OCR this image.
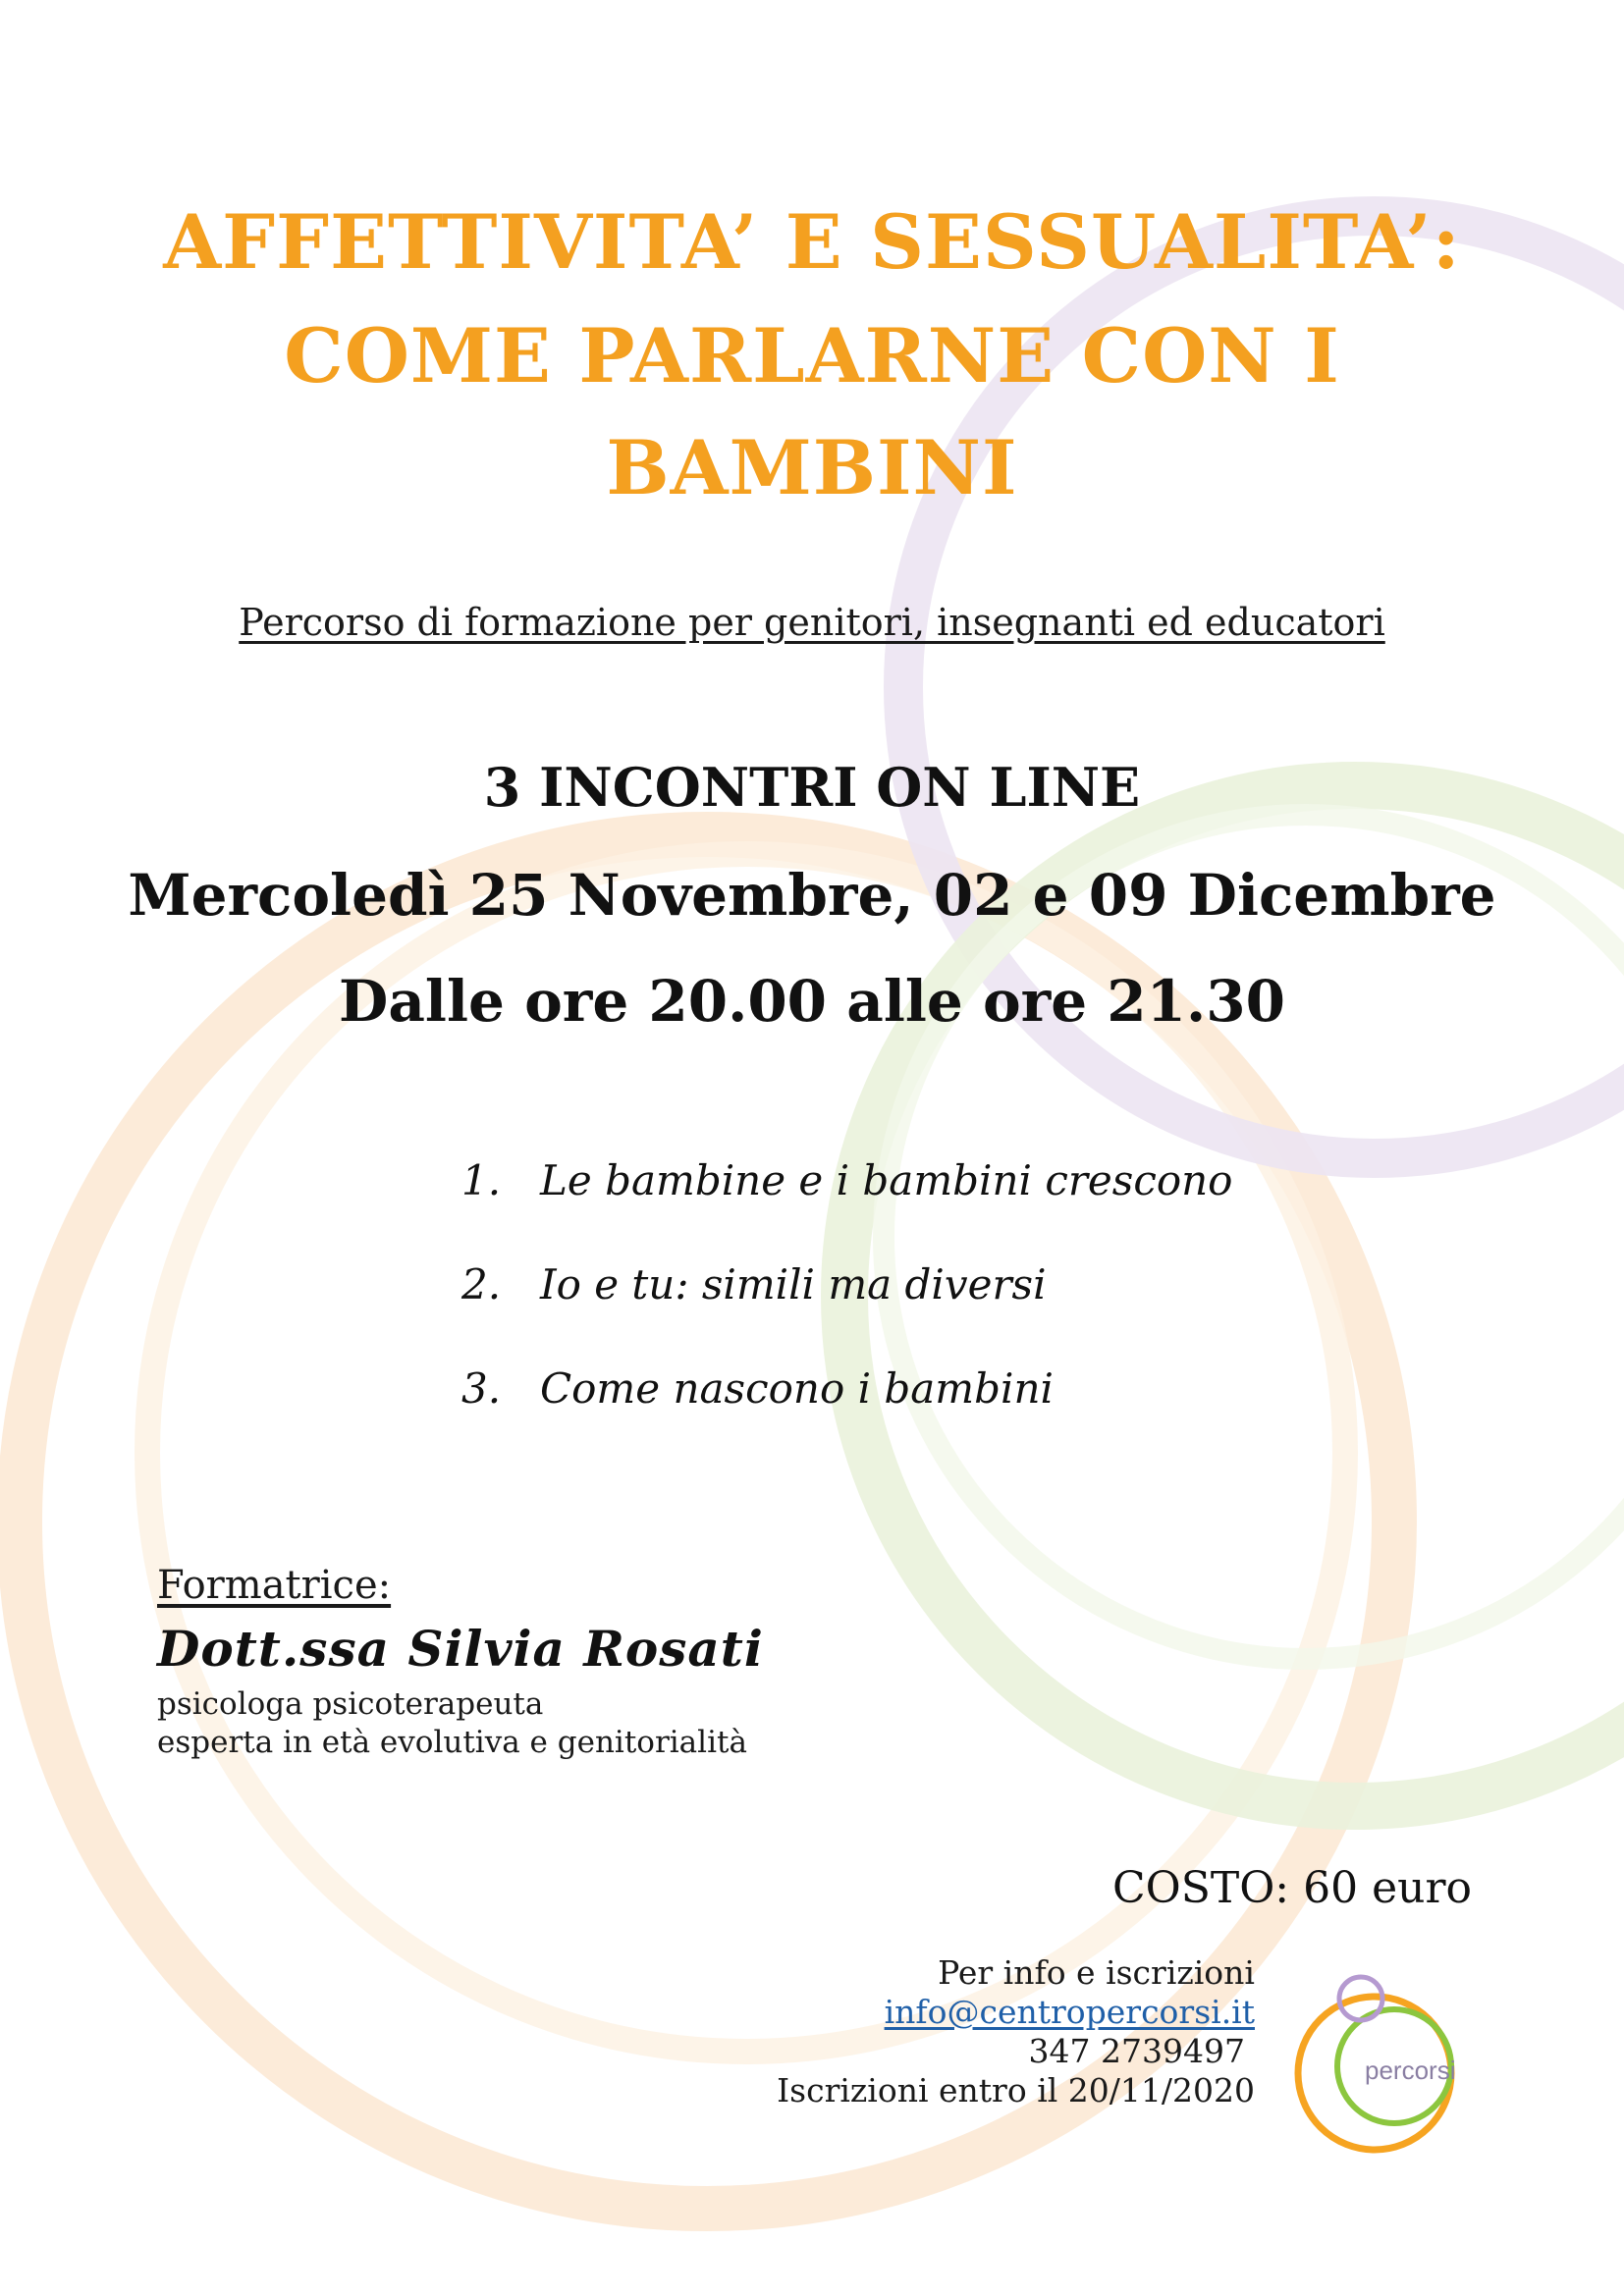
AFFETTIVITA’ E SESSUALITA’:
COME PARLARNE CON I
BAMBINI

Percorso di formazione per genitori, insegnanti ed educatori

3 INCONTRI ON LINE

Mercoledì 25 Novembre, 02 e 09 Dicembre

Dalle ore 20.00 alle ore 21.30

1. Le bambine e i bambini crescono
2. Io e tu: simili ma diversi
3. Come nascono i bambini

Formatrice:

Dott.ssa Silvia Rosati

psicologa psicoterapeuta

esperta in età evolutiva e genitorialità

COSTO: 60 euro

Per info e iscrizioni

info@centropercorsi.it

347 2739497

Iscrizioni entro il 20/11/2020

percorsi
